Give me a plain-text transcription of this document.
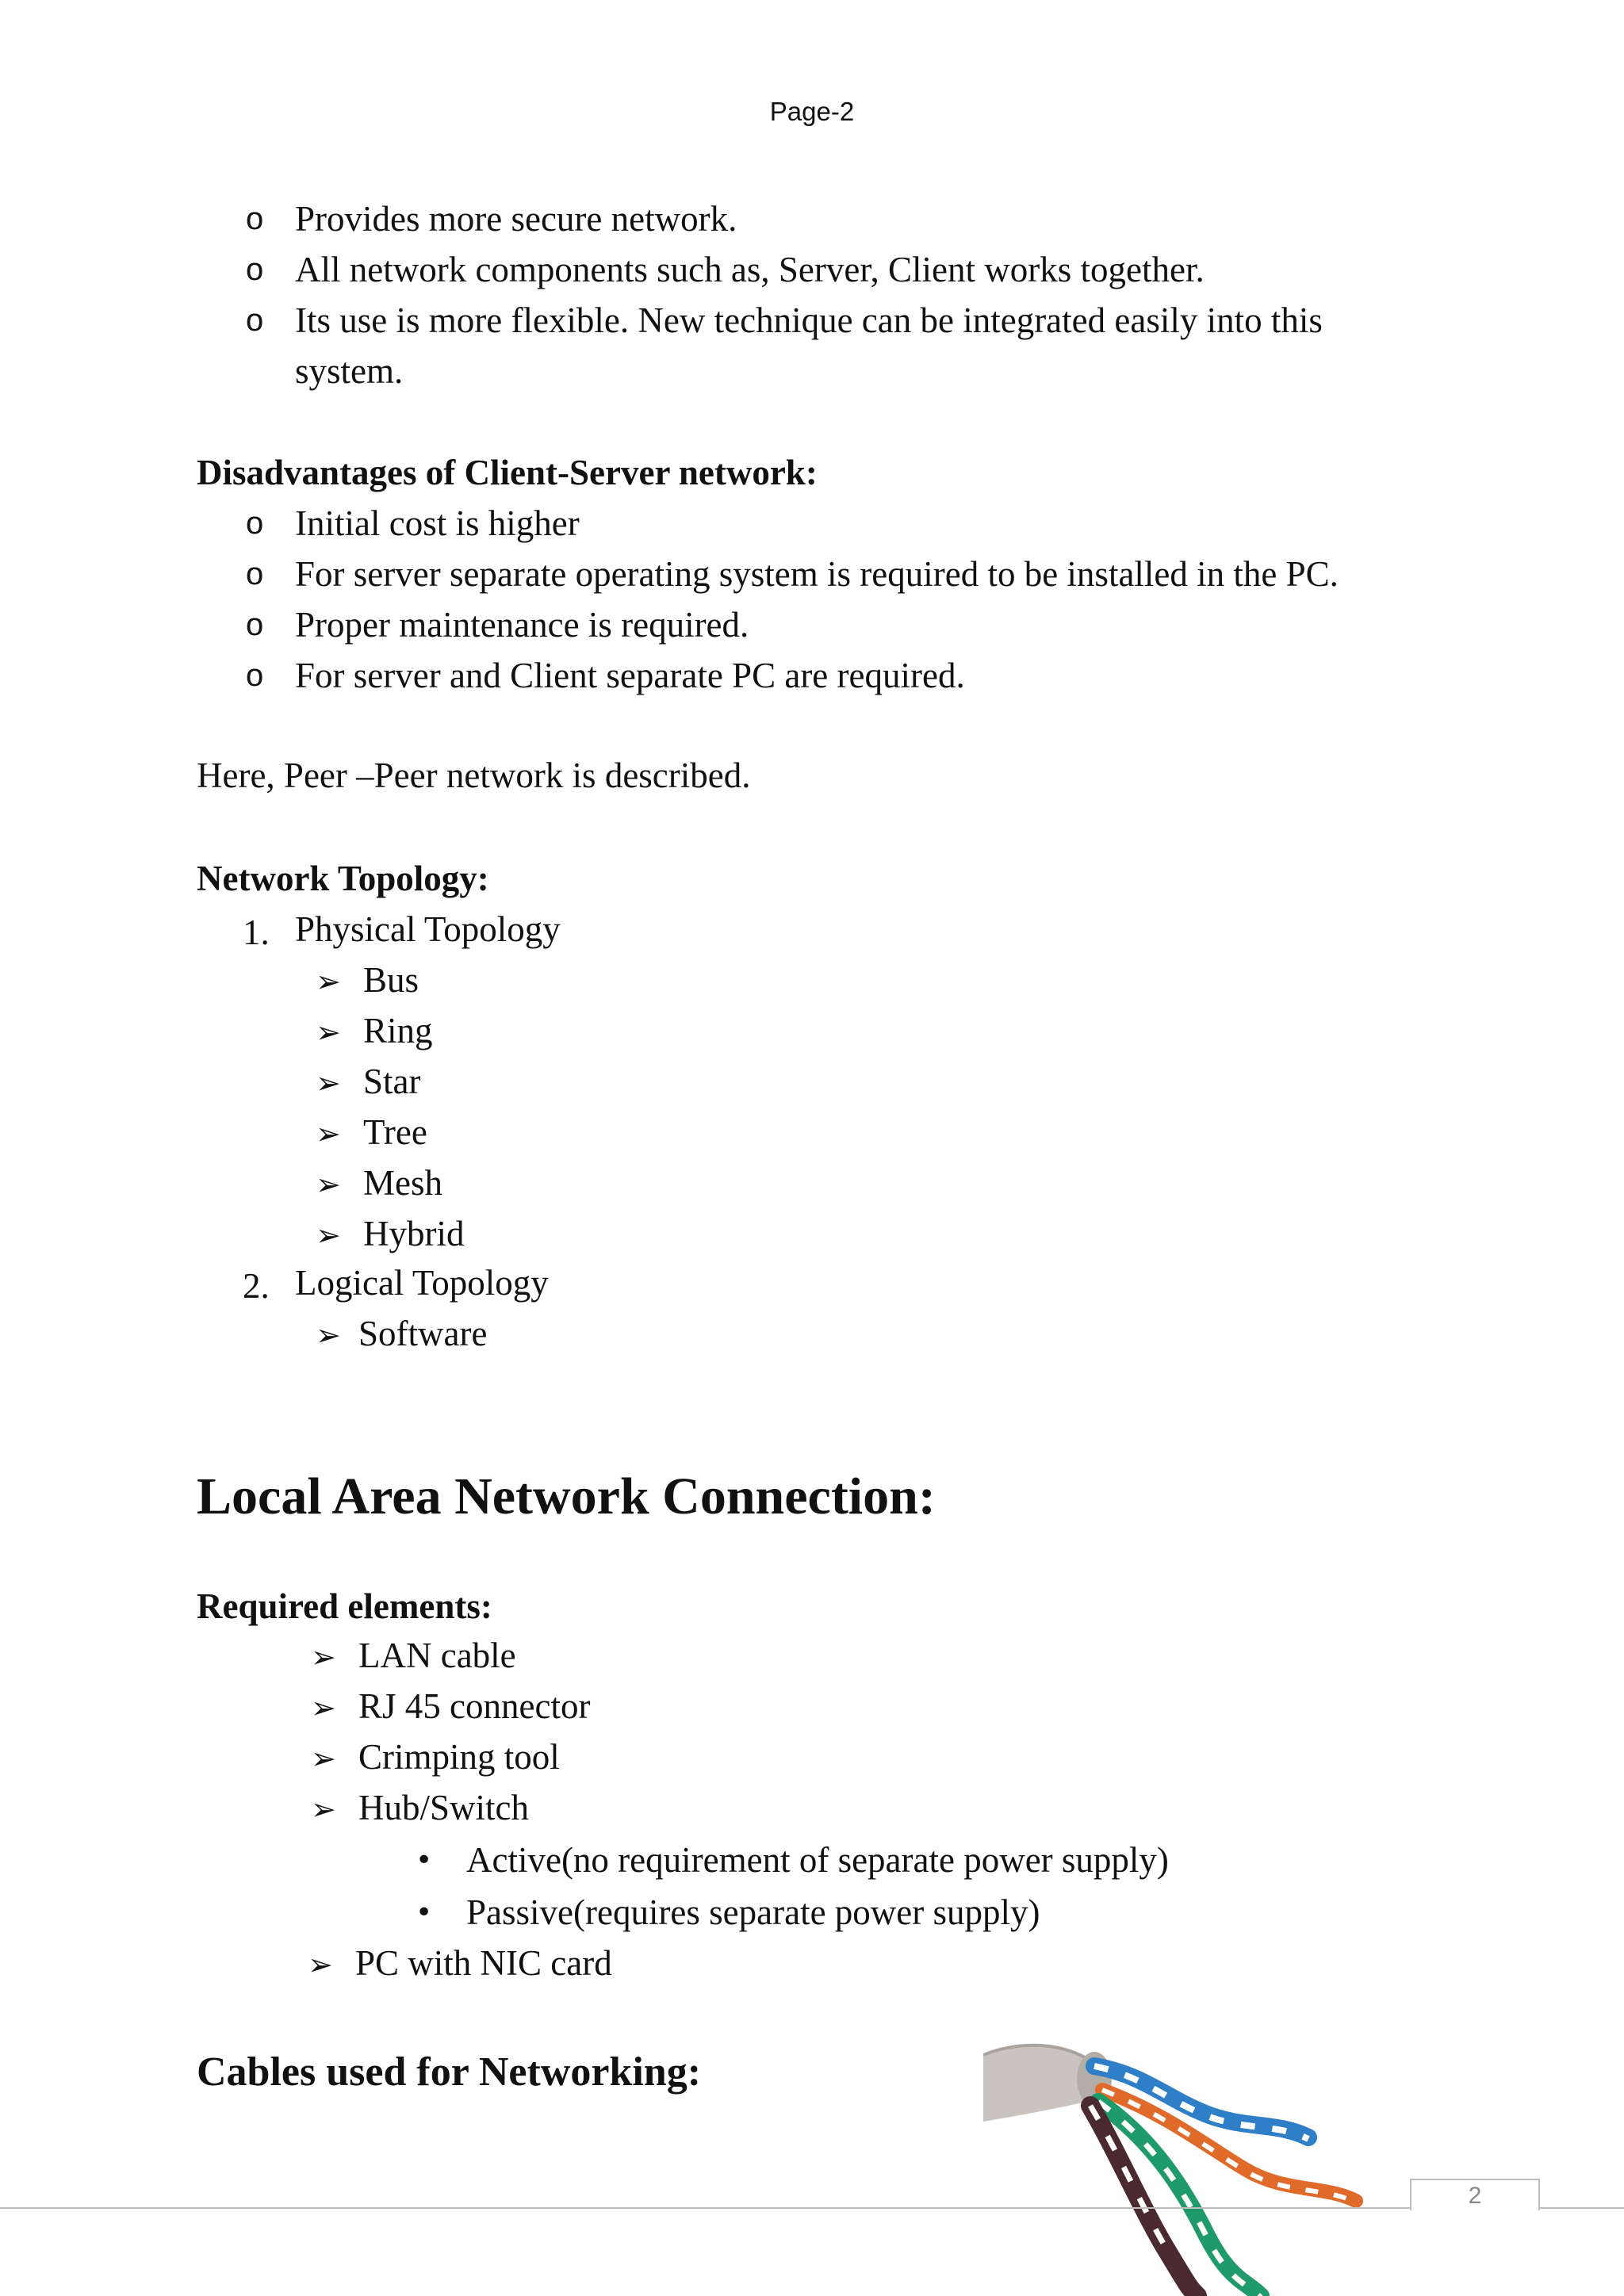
Page-2
o Provides more secure network.
o All network components such as, Server, Client works together.
o Its use is more flexible. New technique can be integrated easily into this
system.
Disadvantages of Client-Server network:
o Initial cost is higher
o For server separate operating system is required to be installed in the PC.
o Proper maintenance is required.
o For server and Client separate PC are required.
Here, Peer –Peer network is described.
Network Topology:
1. Physical Topology
➢ Bus
➢ Ring
➢ Star
➢ Tree
➢ Mesh
➢ Hybrid
2. Logical Topology
➢ Software
Local Area Network Connection:
Required elements:
➢ LAN cable
➢ RJ 45 connector
➢ Crimping tool
➢ Hub/Switch
• Active(no requirement of separate power supply)
• Passive(requires separate power supply)
➢ PC with NIC card
Cables used for Networking:
2
